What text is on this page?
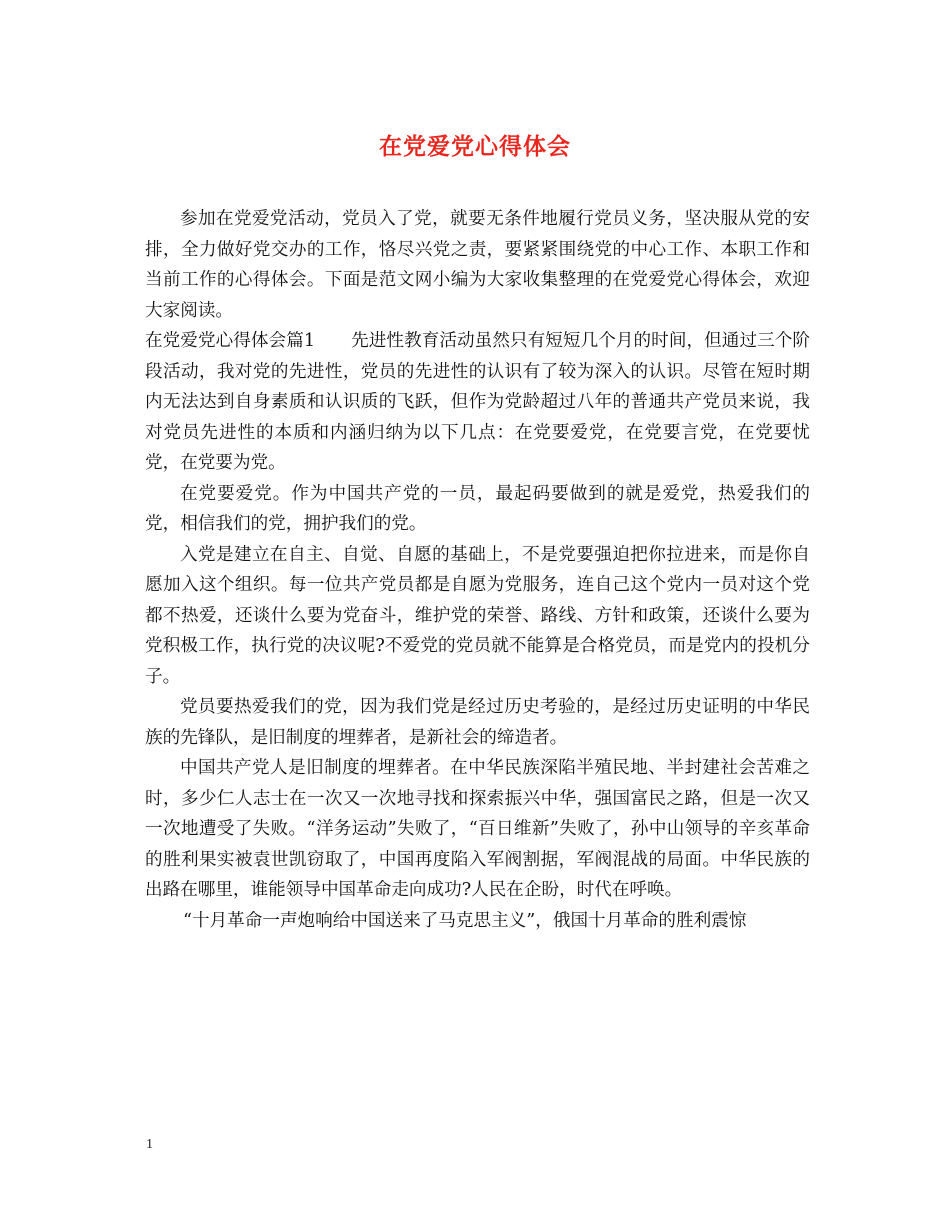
在党爱党心得体会

参加在党爱党活动，党员入了党，就要无条件地履行党员义务，坚决服从党的安排，全力做好党交办的工作，恪尽兴党之责，要紧紧围绕党的中心工作、本职工作和当前工作的心得体会。下面是范文网小编为大家收集整理的在党爱党心得体会，欢迎大家阅读。

在党爱党心得体会篇1 先进性教育活动虽然只有短短几个月的时间，但通过三个阶段活动，我对党的先进性，党员的先进性的认识有了较为深入的认识。尽管在短时期内无法达到自身素质和认识质的飞跃，但作为党龄超过八年的普通共产党员来说，我对党员先进性的本质和内涵归纳为以下几点：在党要爱党，在党要言党，在党要忧党，在党要为党。

在党要爱党。作为中国共产党的一员，最起码要做到的就是爱党，热爱我们的党，相信我们的党，拥护我们的党。

入党是建立在自主、自觉、自愿的基础上，不是党要强迫把你拉进来，而是你自愿加入这个组织。每一位共产党员都是自愿为党服务，连自己这个党内一员对这个党都不热爱，还谈什么要为党奋斗，维护党的荣誉、路线、方针和政策，还谈什么要为党积极工作，执行党的决议呢?不爱党的党员就不能算是合格党员，而是党内的投机分子。

党员要热爱我们的党，因为我们党是经过历史考验的，是经过历史证明的中华民族的先锋队，是旧制度的埋葬者，是新社会的缔造者。

中国共产党人是旧制度的埋葬者。在中华民族深陷半殖民地、半封建社会苦难之时，多少仁人志士在一次又一次地寻找和探索振兴中华，强国富民之路，但是一次又一次地遭受了失败。“洋务运动”失败了，“百日维新”失败了，孙中山领导的辛亥革命的胜利果实被袁世凯窃取了，中国再度陷入军阀割据，军阀混战的局面。中华民族的出路在哪里，谁能领导中国革命走向成功?人民在企盼，时代在呼唤。

“十月革命一声炮响给中国送来了马克思主义”，俄国十月革命的胜利震惊

1
